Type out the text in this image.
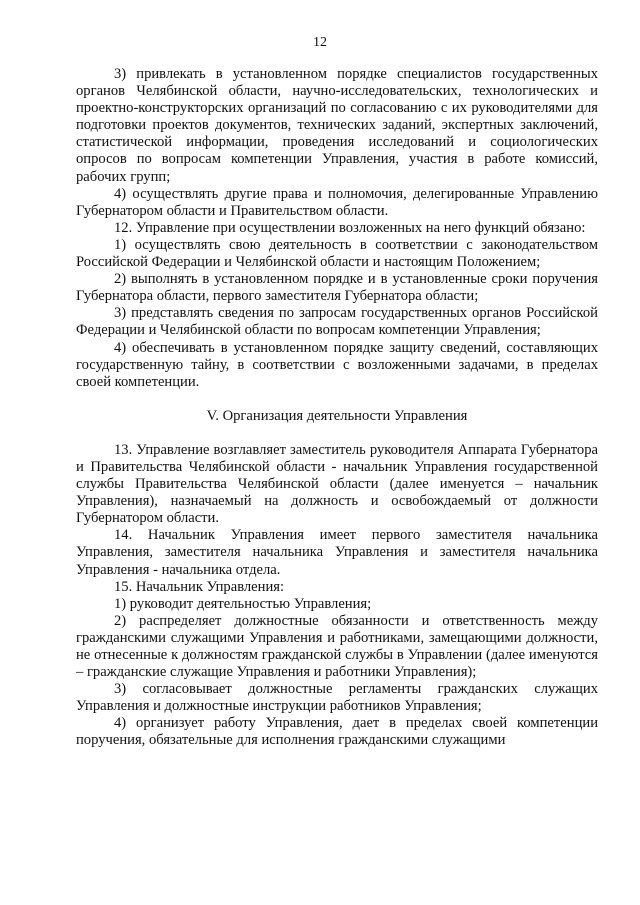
12

3) привлекать в установленном порядке специалистов государственных органов Челябинской области, научно-исследовательских, технологических и проектно-конструкторских организаций по согласованию с их руководителями для подготовки проектов документов, технических заданий, экспертных заключений, статистической информации, проведения исследований и социологических опросов по вопросам компетенции Управления, участия в работе комиссий, рабочих групп;

4) осуществлять другие права и полномочия, делегированные Управлению Губернатором области и Правительством области.

12. Управление при осуществлении возложенных на него функций обязано:

1) осуществлять свою деятельность в соответствии с законодательством Российской Федерации и Челябинской области и настоящим Положением;

2) выполнять в установленном порядке и в установленные сроки поручения Губернатора области, первого заместителя Губернатора области;

3) представлять сведения по запросам государственных органов Российской Федерации и Челябинской области по вопросам компетенции Управления;

4) обеспечивать в установленном порядке защиту сведений, составляющих государственную тайну, в соответствии с возложенными задачами, в пределах своей компетенции.

V. Организация деятельности Управления

13. Управление возглавляет заместитель руководителя Аппарата Губернатора и Правительства Челябинской области - начальник Управления государственной службы Правительства Челябинской области (далее именуется – начальник Управления), назначаемый на должность и освобождаемый от должности Губернатором области.

14. Начальник Управления имеет первого заместителя начальника Управления, заместителя начальника Управления и заместителя начальника Управления - начальника отдела.

15. Начальник Управления:

1) руководит деятельностью Управления;

2) распределяет должностные обязанности и ответственность между гражданскими служащими Управления и работниками, замещающими должности, не отнесенные к должностям гражданской службы в Управлении (далее именуются – гражданские служащие Управления и работники Управления);

3) согласовывает должностные регламенты гражданских служащих Управления и должностные инструкции работников Управления;

4) организует работу Управления, дает в пределах своей компетенции поручения, обязательные для исполнения гражданскими служащими
